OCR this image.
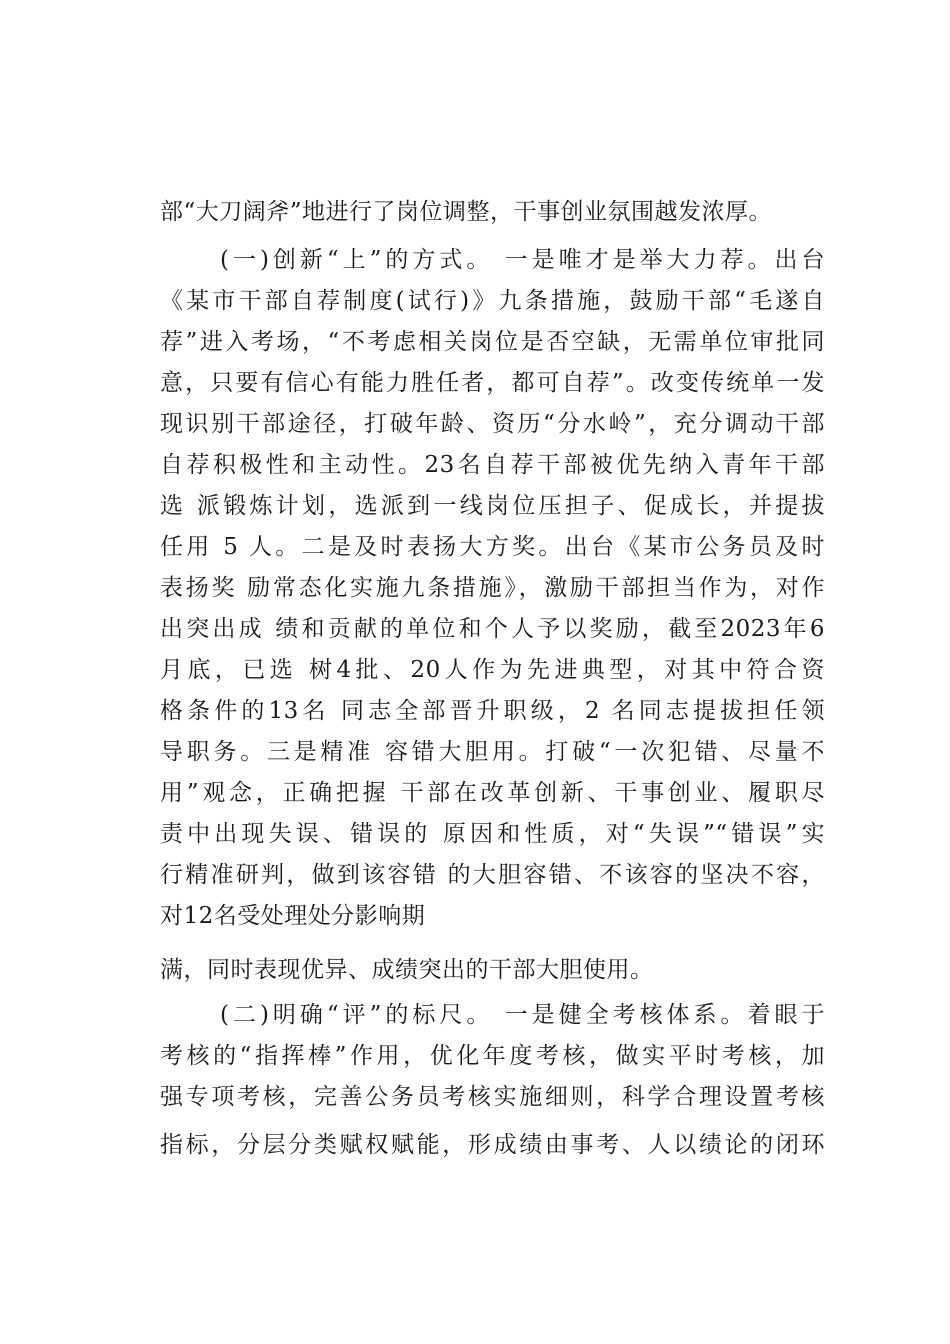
部“大刀阔斧”地进行了岗位调整，干事创业氛围越发浓厚。
(一)创新“上”的方式。 一是唯才是举大力荐。出台
《某市干部自荐制度(试行)》九条措施，鼓励干部“毛遂自
荐”进入考场，“不考虑相关岗位是否空缺，无需单位审批同
意，只要有信心有能力胜任者，都可自荐”。改变传统单一发
现识别干部途径，打破年龄、资历“分水岭”，充分调动干部
自荐积极性和主动性。23名自荐干部被优先纳入青年干部
选 派锻炼计划，选派到一线岗位压担子、促成长，并提拔
任用 5 人。二是及时表扬大方奖。出台《某市公务员及时
表扬奖 励常态化实施九条措施》，激励干部担当作为，对作
出突出成 绩和贡献的单位和个人予以奖励，截至2023年6
月底，已选 树4批、20人作为先进典型，对其中符合资
格条件的13名 同志全部晋升职级，2 名同志提拔担任领
导职务。三是精准 容错大胆用。打破“一次犯错、尽量不
用”观念，正确把握 干部在改革创新、干事创业、履职尽
责中出现失误、错误的 原因和性质，对“失误”“错误”实
行精准研判，做到该容错 的大胆容错、不该容的坚决不容，
对12名受处理处分影响期
满，同时表现优异、成绩突出的干部大胆使用。
(二)明确“评”的标尺。 一是健全考核体系。着眼于
考核的“指挥棒”作用，优化年度考核，做实平时考核，加
强专项考核，完善公务员考核实施细则，科学合理设置考核
指标，分层分类赋权赋能，形成绩由事考、人以绩论的闭环
